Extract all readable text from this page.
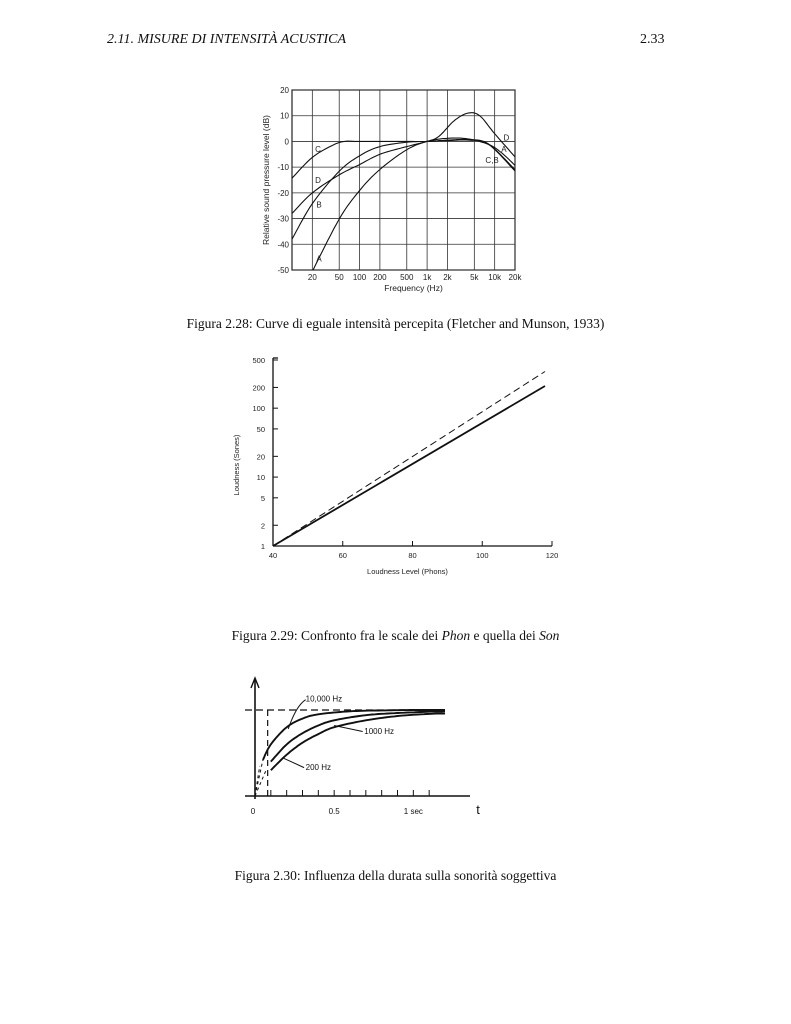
2.11. MISURE DI INTENSITÀ ACUSTICA	2.33
20 50 100 200 500 1k 2k 5k 10k 20k
20
10
0
-10
-20
-30
-40
-50
Frequency (Hz)
Relative sound pressure level (dB)
A
B
C
D
C,B
A
D
Figura 2.28: Curve di eguale intensità percepita (Fletcher and Munson, 1933)
500
200
100
50
20
10
5
2
1
40	60	80	100	120
Loudness Level (Phons)
Loudness (Sones)
Figura 2.29: Confronto fra le scale dei Phon e quella dei Son
10,000 Hz
1000 Hz
200 Hz
0	0.5	1 sec	t
Figura 2.30: Influenza della durata sulla sonorità soggettiva
